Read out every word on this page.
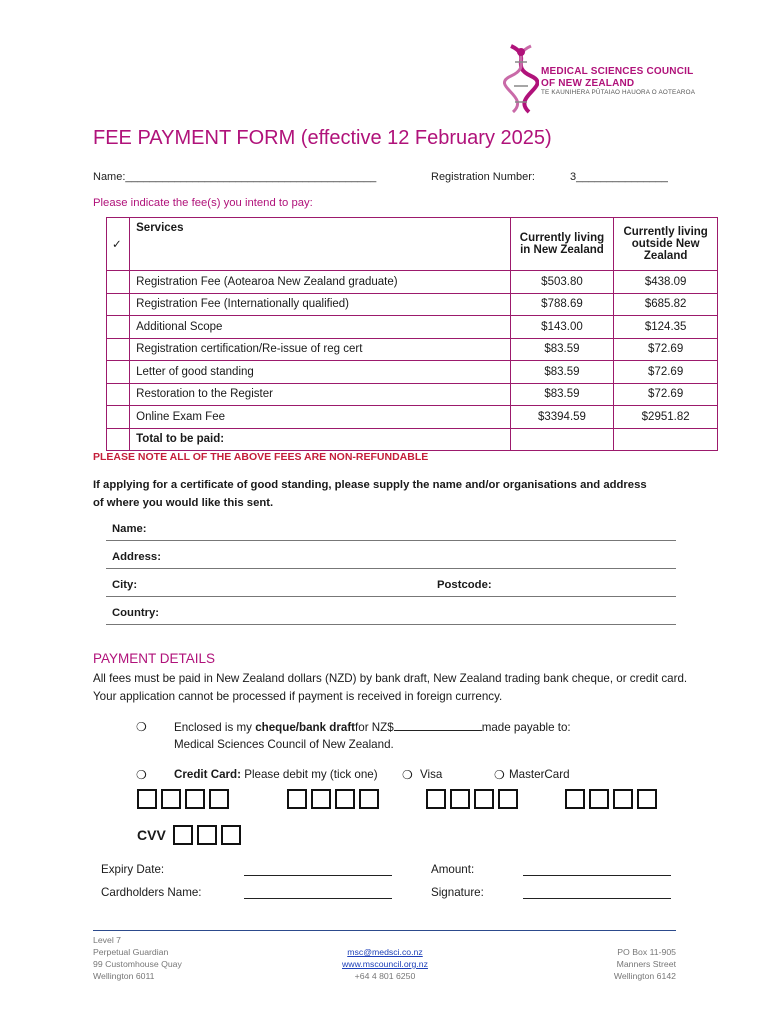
MEDICAL SCIENCES COUNCIL
OF NEW ZEALAND
TE KAUNIHERA PŪTAIAO HAUORA O AOTEAROA
FEE PAYMENT FORM (effective 12 February 2025)
Name:_________________________________________	Registration Number:	3_______________
Please indicate the fee(s) you intend to pay:
✓	Services	Currently living in New Zealand	Currently living outside New Zealand
	Registration Fee (Aotearoa New Zealand graduate)	$503.80	$438.09
	Registration Fee (Internationally qualified)	$788.69	$685.82
	Additional Scope	$143.00	$124.35
	Registration certification/Re-issue of reg cert	$83.59	$72.69
	Letter of good standing	$83.59	$72.69
	Restoration to the Register	$83.59	$72.69
	Online Exam Fee	$3394.59	$2951.82
	Total to be paid:		
PLEASE NOTE ALL OF THE ABOVE FEES ARE NON-REFUNDABLE
If applying for a certificate of good standing, please supply the name and/or organisations and address of where you would like this sent.
Name:
Address:
City:	Postcode:
Country:
PAYMENT DETAILS
All fees must be paid in New Zealand dollars (NZD) by bank draft, New Zealand trading bank cheque, or credit card. Your application cannot be processed if payment is received in foreign currency.
❍ Enclosed is my cheque/bank draftfor NZ$	made payable to:
Medical Sciences Council of New Zealand.
❍ Credit Card: Please debit my (tick one) ❍ Visa	❍ MasterCard
CVV
Expiry Date:	Amount:
Cardholders Name:	Signature:
Level 7
Perpetual Guardian
99 Customhouse Quay
Wellington 6011
msc@medsci.co.nz
www.mscouncil.org.nz
+64 4 801 6250
PO Box 11-905
Manners Street
Wellington 6142
